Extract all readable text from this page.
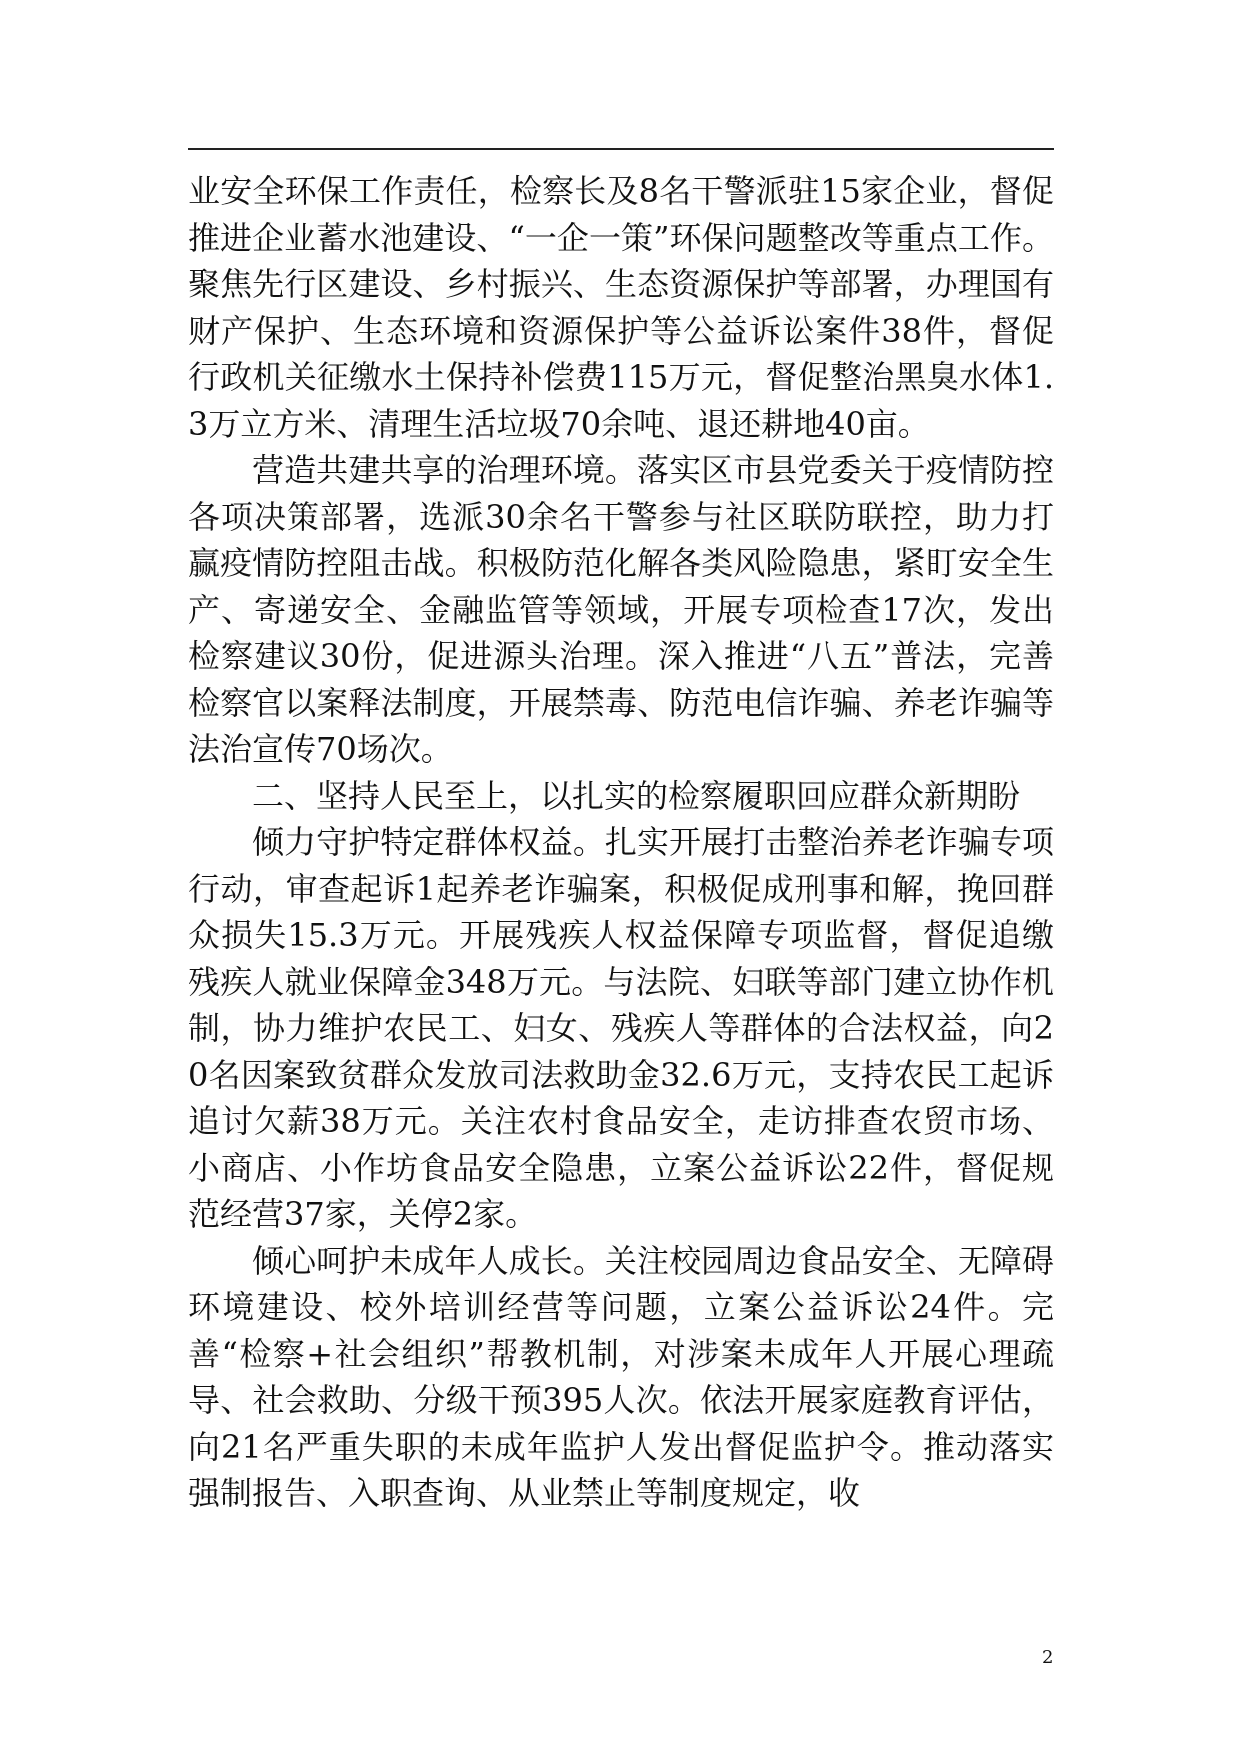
业安全环保工作责任，检察长及8名干警派驻15家企业，督促推进企业蓄水池建设、“一企一策”环保问题整改等重点工作。聚焦先行区建设、乡村振兴、生态资源保护等部署，办理国有财产保护、生态环境和资源保护等公益诉讼案件38件，督促行政机关征缴水土保持补偿费115万元，督促整治黑臭水体1.3万立方米、清理生活垃圾70余吨、退还耕地40亩。

营造共建共享的治理环境。落实区市县党委关于疫情防控各项决策部署，选派30余名干警参与社区联防联控，助力打赢疫情防控阻击战。积极防范化解各类风险隐患，紧盯安全生产、寄递安全、金融监管等领域，开展专项检查17次，发出检察建议30份，促进源头治理。深入推进“八五”普法，完善检察官以案释法制度，开展禁毒、防范电信诈骗、养老诈骗等法治宣传70场次。

二、坚持人民至上，以扎实的检察履职回应群众新期盼

倾力守护特定群体权益。扎实开展打击整治养老诈骗专项行动，审查起诉1起养老诈骗案，积极促成刑事和解，挽回群众损失15.3万元。开展残疾人权益保障专项监督，督促追缴残疾人就业保障金348万元。与法院、妇联等部门建立协作机制，协力维护农民工、妇女、残疾人等群体的合法权益，向20名因案致贫群众发放司法救助金32.6万元，支持农民工起诉追讨欠薪38万元。关注农村食品安全，走访排查农贸市场、小商店、小作坊食品安全隐患，立案公益诉讼22件，督促规范经营37家，关停2家。

倾心呵护未成年人成长。关注校园周边食品安全、无障碍环境建设、校外培训经营等问题，立案公益诉讼24件。完善“检察+社会组织”帮教机制，对涉案未成年人开展心理疏导、社会救助、分级干预395人次。依法开展家庭教育评估，向21名严重失职的未成年监护人发出督促监护令。推动落实强制报告、入职查询、从业禁止等制度规定，收

2
